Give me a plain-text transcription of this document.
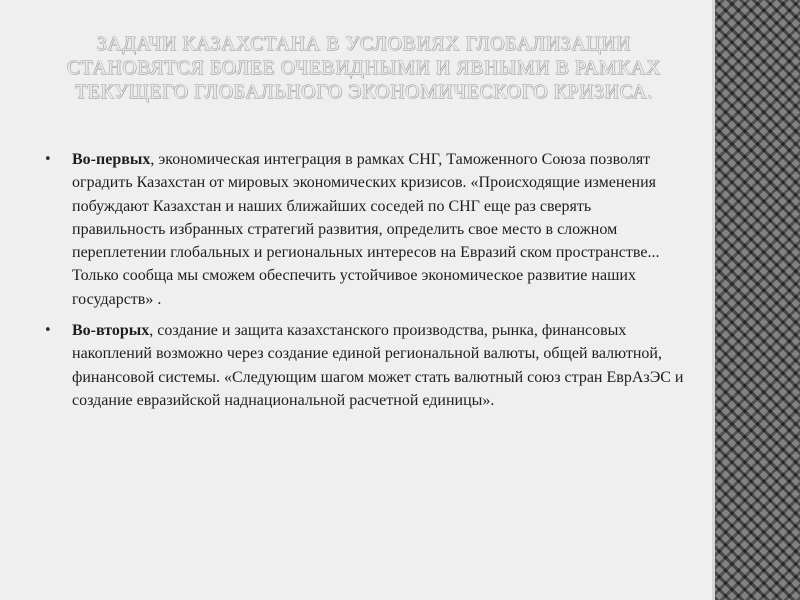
ЗАДАЧИ КАЗАХСТАНА В УСЛОВИЯХ ГЛОБАЛИЗАЦИИ СТАНОВЯТСЯ БОЛЕЕ ОЧЕВИДНЫМИ И ЯВНЫМИ В РАМКАХ ТЕКУЩЕГО ГЛОБАЛЬНОГО ЭКОНОМИЧЕСКОГО КРИЗИСА.
• Во-первых, экономическая интеграция в рамках СНГ, Таможенного Союза позволят оградить Казахстан от мировых экономических кризисов. «Происходящие изменения побуждают Казахстан и наших ближайших соседей по СНГ еще раз сверять правильность избранных стратегий развития, определить свое место в сложном переплетении глобальных и региональных интересов на Евразий ском пространстве... Только сообща мы сможем обеспечить устойчивое экономическое развитие наших государств» .
• Во-вторых, создание и защита казахстанского производства, рынка, финансовых накоплений возможно через создание единой региональной валюты, общей валютной, финансовой системы. «Следующим шагом может стать валютный союз стран ЕврАзЭС и создание евразийской наднациональной расчетной единицы».
